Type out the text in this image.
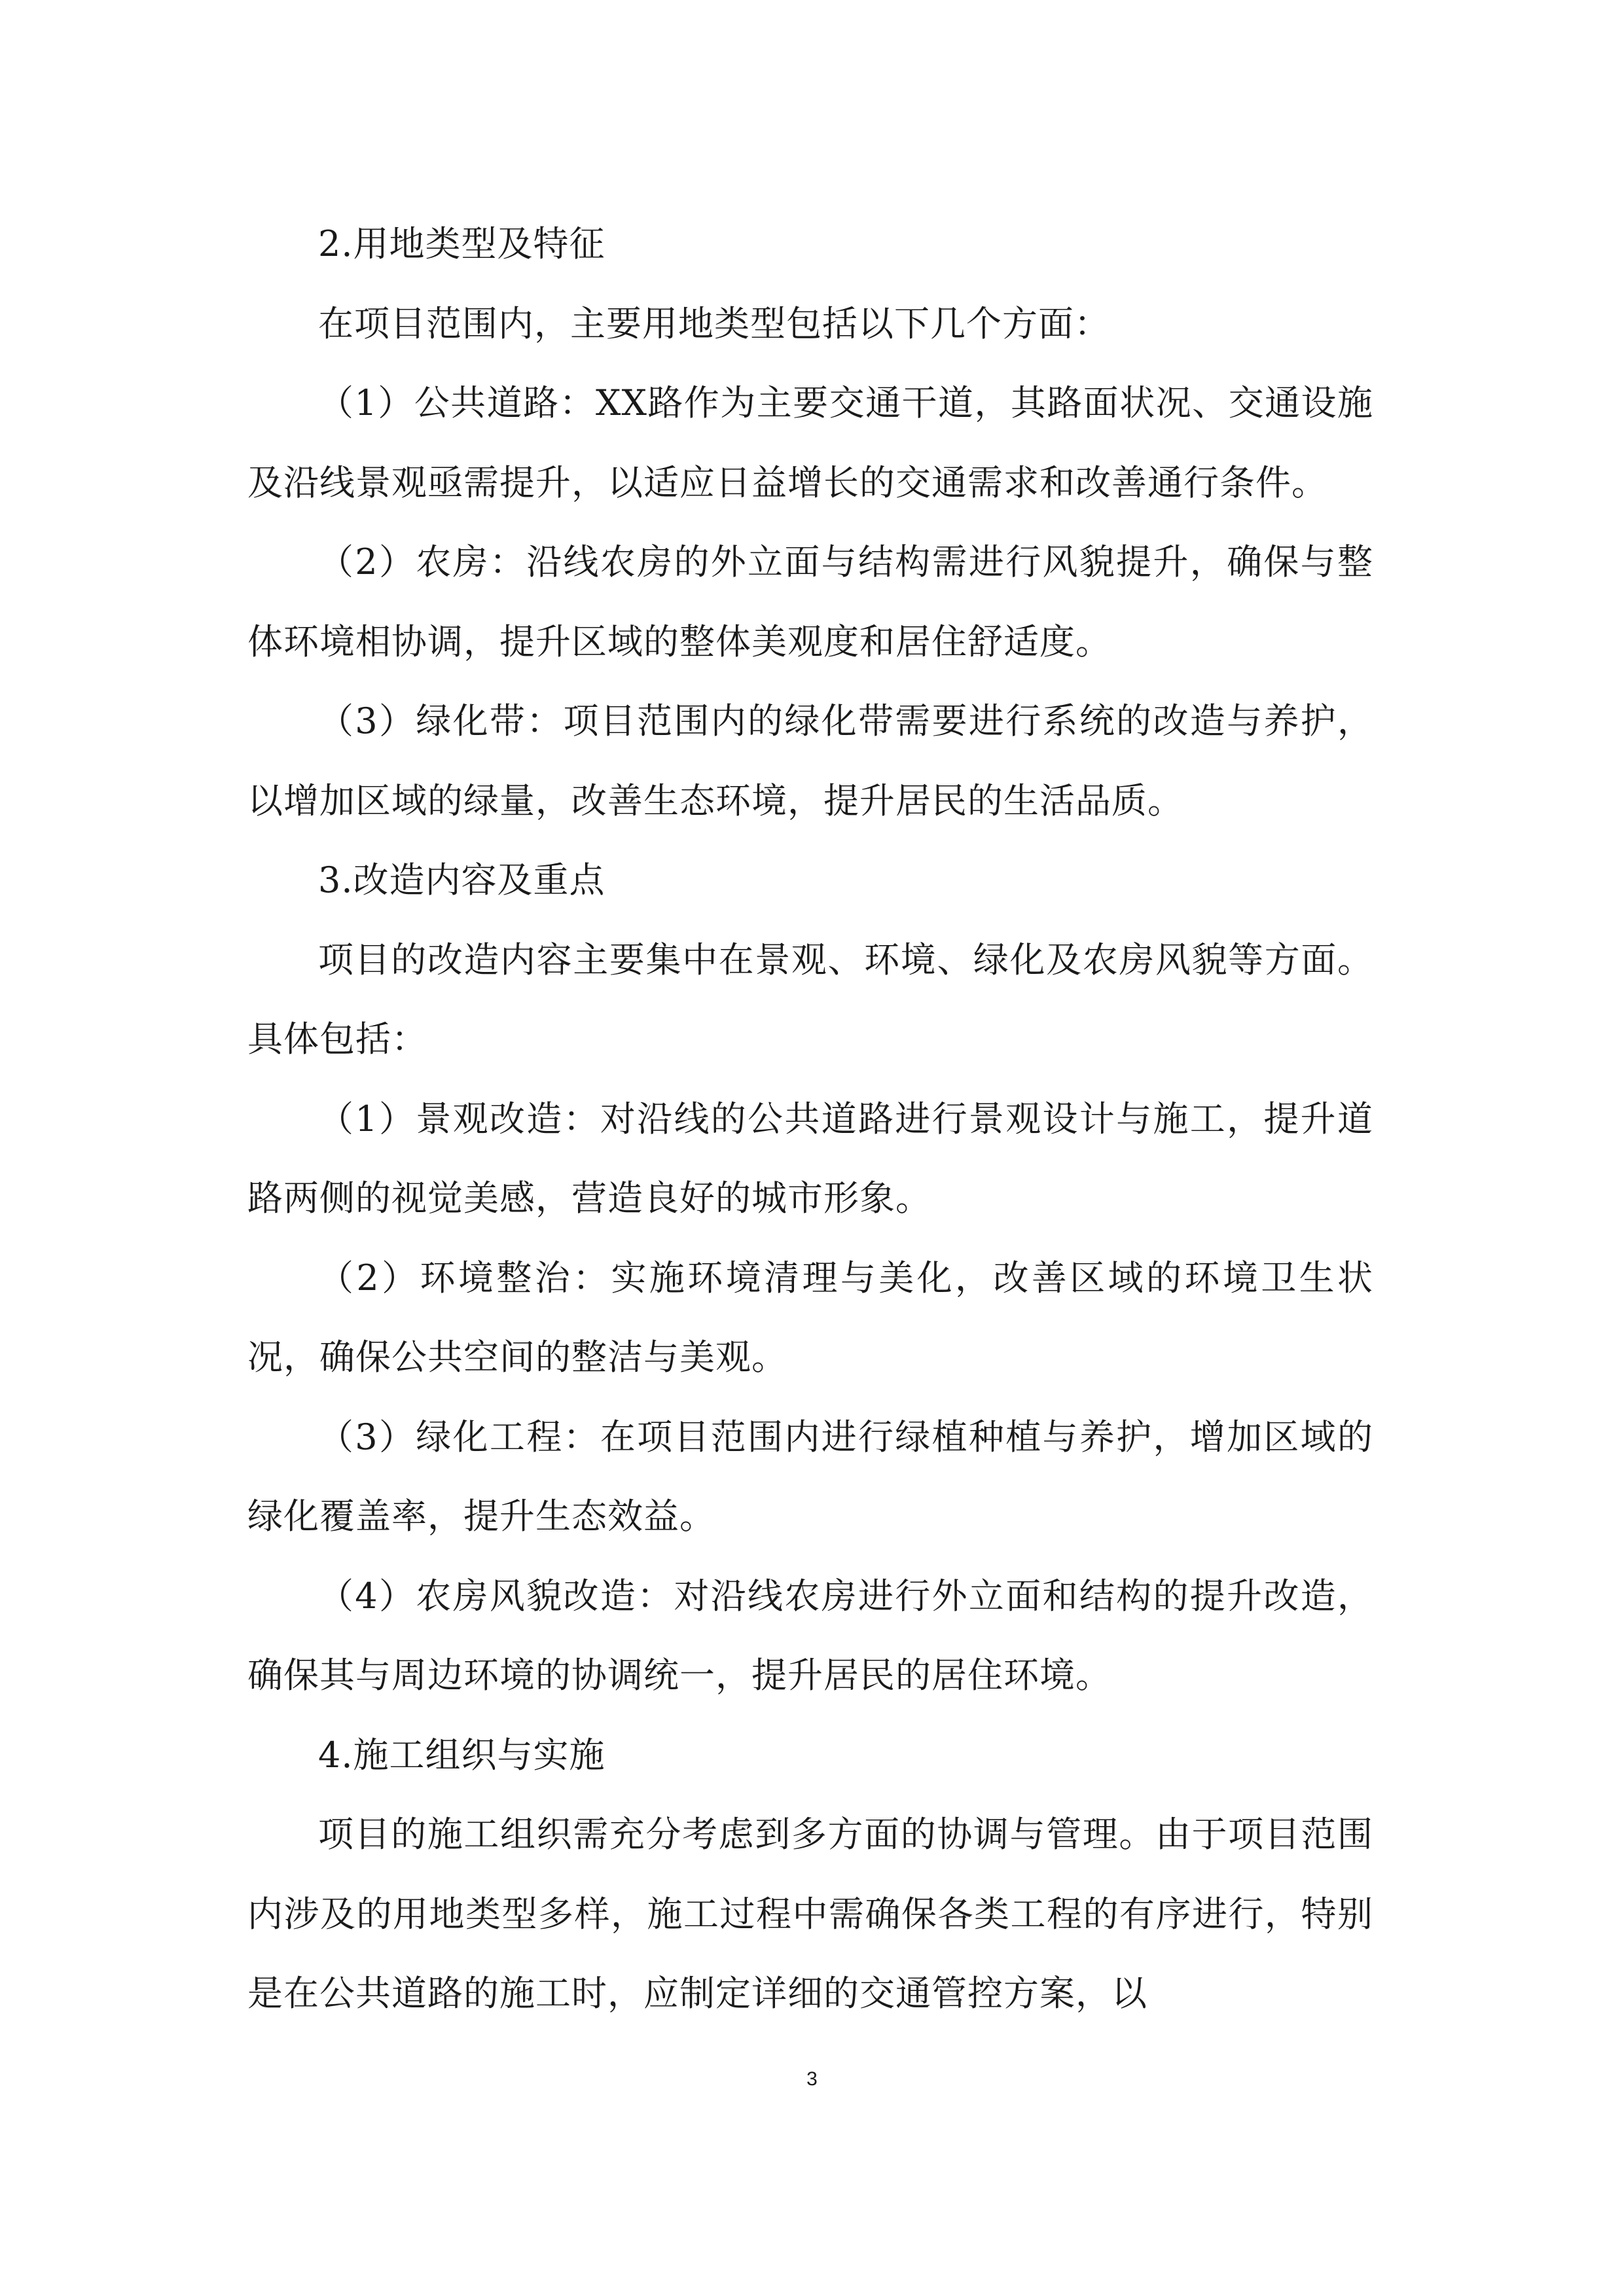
2.用地类型及特征

在项目范围内，主要用地类型包括以下几个方面：

（1）公共道路：XX路作为主要交通干道，其路面状况、交通设施及沿线景观亟需提升，以适应日益增长的交通需求和改善通行条件。

（2）农房：沿线农房的外立面与结构需进行风貌提升，确保与整体环境相协调，提升区域的整体美观度和居住舒适度。

（3）绿化带：项目范围内的绿化带需要进行系统的改造与养护，以增加区域的绿量，改善生态环境，提升居民的生活品质。

3.改造内容及重点

项目的改造内容主要集中在景观、环境、绿化及农房风貌等方面。具体包括：

（1）景观改造：对沿线的公共道路进行景观设计与施工，提升道路两侧的视觉美感，营造良好的城市形象。

（2）环境整治：实施环境清理与美化，改善区域的环境卫生状况，确保公共空间的整洁与美观。

（3）绿化工程：在项目范围内进行绿植种植与养护，增加区域的绿化覆盖率，提升生态效益。

（4）农房风貌改造：对沿线农房进行外立面和结构的提升改造，确保其与周边环境的协调统一，提升居民的居住环境。

4.施工组织与实施

项目的施工组织需充分考虑到多方面的协调与管理。由于项目范围内涉及的用地类型多样，施工过程中需确保各类工程的有序进行，特别是在公共道路的施工时，应制定详细的交通管控方案，以

3
